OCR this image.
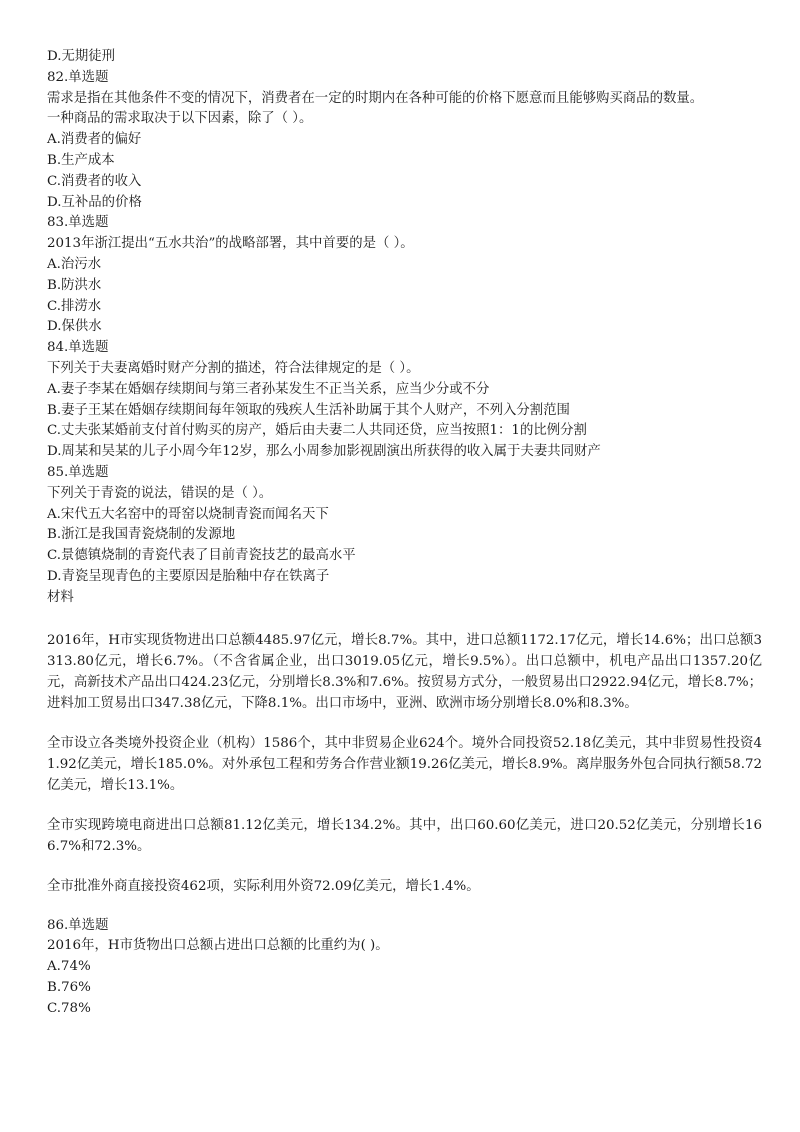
D.无期徒刑
82.单选题
需求是指在其他条件不变的情况下，消费者在一定的时期内在各种可能的价格下愿意而且能够购买商品的数量。
一种商品的需求取决于以下因素，除了（ ）。
A.消费者的偏好
B.生产成本
C.消费者的收入
D.互补品的价格
83.单选题
2013年浙江提出“五水共治”的战略部署，其中首要的是（ ）。
A.治污水
B.防洪水
C.排涝水
D.保供水
84.单选题
下列关于夫妻离婚时财产分割的描述，符合法律规定的是（ ）。
A.妻子李某在婚姻存续期间与第三者孙某发生不正当关系，应当少分或不分
B.妻子王某在婚姻存续期间每年领取的残疾人生活补助属于其个人财产，不列入分割范围
C.丈夫张某婚前支付首付购买的房产，婚后由夫妻二人共同还贷，应当按照1：1的比例分割
D.周某和吴某的儿子小周今年12岁，那么小周参加影视剧演出所获得的收入属于夫妻共同财产
85.单选题
下列关于青瓷的说法，错误的是（ ）。
A.宋代五大名窑中的哥窑以烧制青瓷而闻名天下
B.浙江是我国青瓷烧制的发源地
C.景德镇烧制的青瓷代表了目前青瓷技艺的最高水平
D.青瓷呈现青色的主要原因是胎釉中存在铁离子
材料

2016年，H市实现货物进出口总额4485.97亿元，增长8.7%。其中，进口总额1172.17亿元，增长14.6%；出口总额3313.80亿元，增长6.7%。（不含省属企业，出口3019.05亿元，增长9.5%）。出口总额中，机电产品出口1357.20亿元，高新技术产品出口424.23亿元，分别增长8.3%和7.6%。按贸易方式分，一般贸易出口2922.94亿元，增长8.7%；进料加工贸易出口347.38亿元，下降8.1%。出口市场中，亚洲、欧洲市场分别增长8.0%和8.3%。

全市设立各类境外投资企业（机构）1586个，其中非贸易企业624个。境外合同投资52.18亿美元，其中非贸易性投资41.92亿美元，增长185.0%。对外承包工程和劳务合作营业额19.26亿美元，增长8.9%。离岸服务外包合同执行额58.72亿美元，增长13.1%。

全市实现跨境电商进出口总额81.12亿美元，增长134.2%。其中，出口60.60亿美元，进口20.52亿美元，分别增长166.7%和72.3%。

全市批准外商直接投资462项，实际利用外资72.09亿美元，增长1.4%。

86.单选题
2016年，H市货物出口总额占进出口总额的比重约为( )。
A.74%
B.76%
C.78%
